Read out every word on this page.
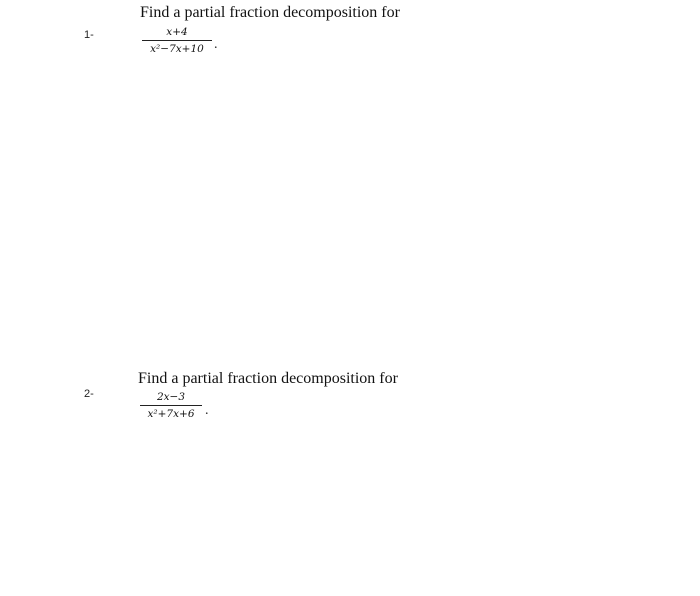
1-
Find a partial fraction decomposition for
x+4
x²−7x+10 .
2-
Find a partial fraction decomposition for
2x−3
x²+7x+6 .
